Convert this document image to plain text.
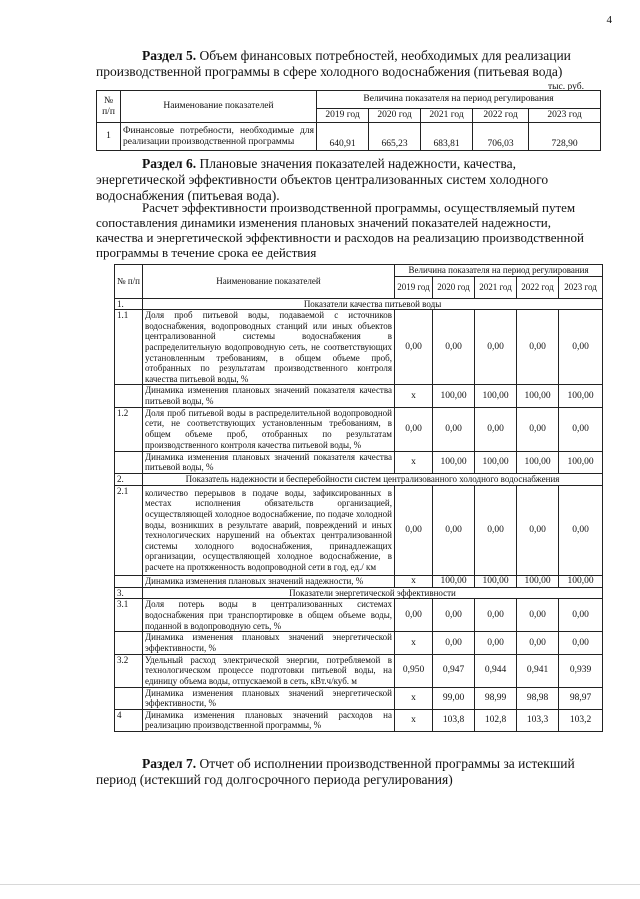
4
Раздел 5. Объем финансовых потребностей, необходимых для реализации производственной программы в сфере холодного водоснабжения (питьевая вода)
тыс. руб.
№ п/п	Наименование показателей	Величина показателя на период регулирования				
		2019 год	2020 год	2021 год	2022 год	2023 год
1	Финансовые потребности, необходимые для реализации производственной программы	640,91	665,23	683,81	706,03	728,90
Раздел 6. Плановые значения показателей надежности, качества, энергетической эффективности объектов централизованных систем холодного водоснабжения (питьевая вода).
Расчет эффективности производственной программы, осуществляемый путем сопоставления динамики изменения плановых значений показателей надежности, качества и энергетической эффективности и расходов на реализацию производственной программы в течение срока ее действия
№ п/п	Наименование показателей	Величина показателя на период регулирования				
		2019 год	2020 год	2021 год	2022 год	2023 год
1.	Показатели качества питьевой воды					
1.1	Доля проб питьевой воды, подаваемой с источников водоснабжения, водопроводных станций или иных объектов централизованной системы водоснабжения в распределительную водопроводную сеть, не соответствующих установленным требованиям, в общем объеме проб, отобранных по результатам производственного контроля качества питьевой воды, %	0,00	0,00	0,00	0,00	0,00
	Динамика изменения плановых значений показателя качества питьевой воды, %	х	100,00	100,00	100,00	100,00
1.2	Доля проб питьевой воды в распределительной водопроводной сети, не соответствующих установленным требованиям, в общем объеме проб, отобранных по результатам производственного контроля качества питьевой воды, %	0,00	0,00	0,00	0,00	0,00
	Динамика изменения плановых значений показателя качества питьевой воды, %	х	100,00	100,00	100,00	100,00
2.	Показатель надежности и бесперебойности систем централизованного холодного водоснабжения					
2.1	количество перерывов в подаче воды, зафиксированных в местах исполнения обязательств организацией, осуществляющей холодное водоснабжение, по подаче холодной воды, возникших в результате аварий, повреждений и иных технологических нарушений на объектах централизованной системы холодного водоснабжения, принадлежащих организации, осуществляющей холодное водоснабжение, в расчете на протяженность водопроводной сети в год, ед./ км	0,00	0,00	0,00	0,00	0,00
	Динамика изменения плановых значений надежности, %	х	100,00	100,00	100,00	100,00
3.	Показатели энергетической эффективности					
3.1	Доля потерь воды в централизованных системах водоснабжения при транспортировке в общем объеме воды, поданной в водопроводную сеть, %	0,00	0,00	0,00	0,00	0,00
	Динамика изменения плановых значений энергетической эффективности, %	х	0,00	0,00	0,00	0,00
3.2	Удельный расход электрической энергии, потребляемой в технологическом процессе подготовки питьевой воды, на единицу объема воды, отпускаемой в сеть, кВт.ч/куб. м	0,950	0,947	0,944	0,941	0,939
	Динамика изменения плановых значений энергетической эффективности, %	х	99,00	98,99	98,98	98,97
4	Динамика изменения плановых значений расходов на реализацию производственной программы, %	х	103,8	102,8	103,3	103,2
Раздел 7. Отчет об исполнении производственной программы за истекший период (истекший год долгосрочного периода регулирования)
